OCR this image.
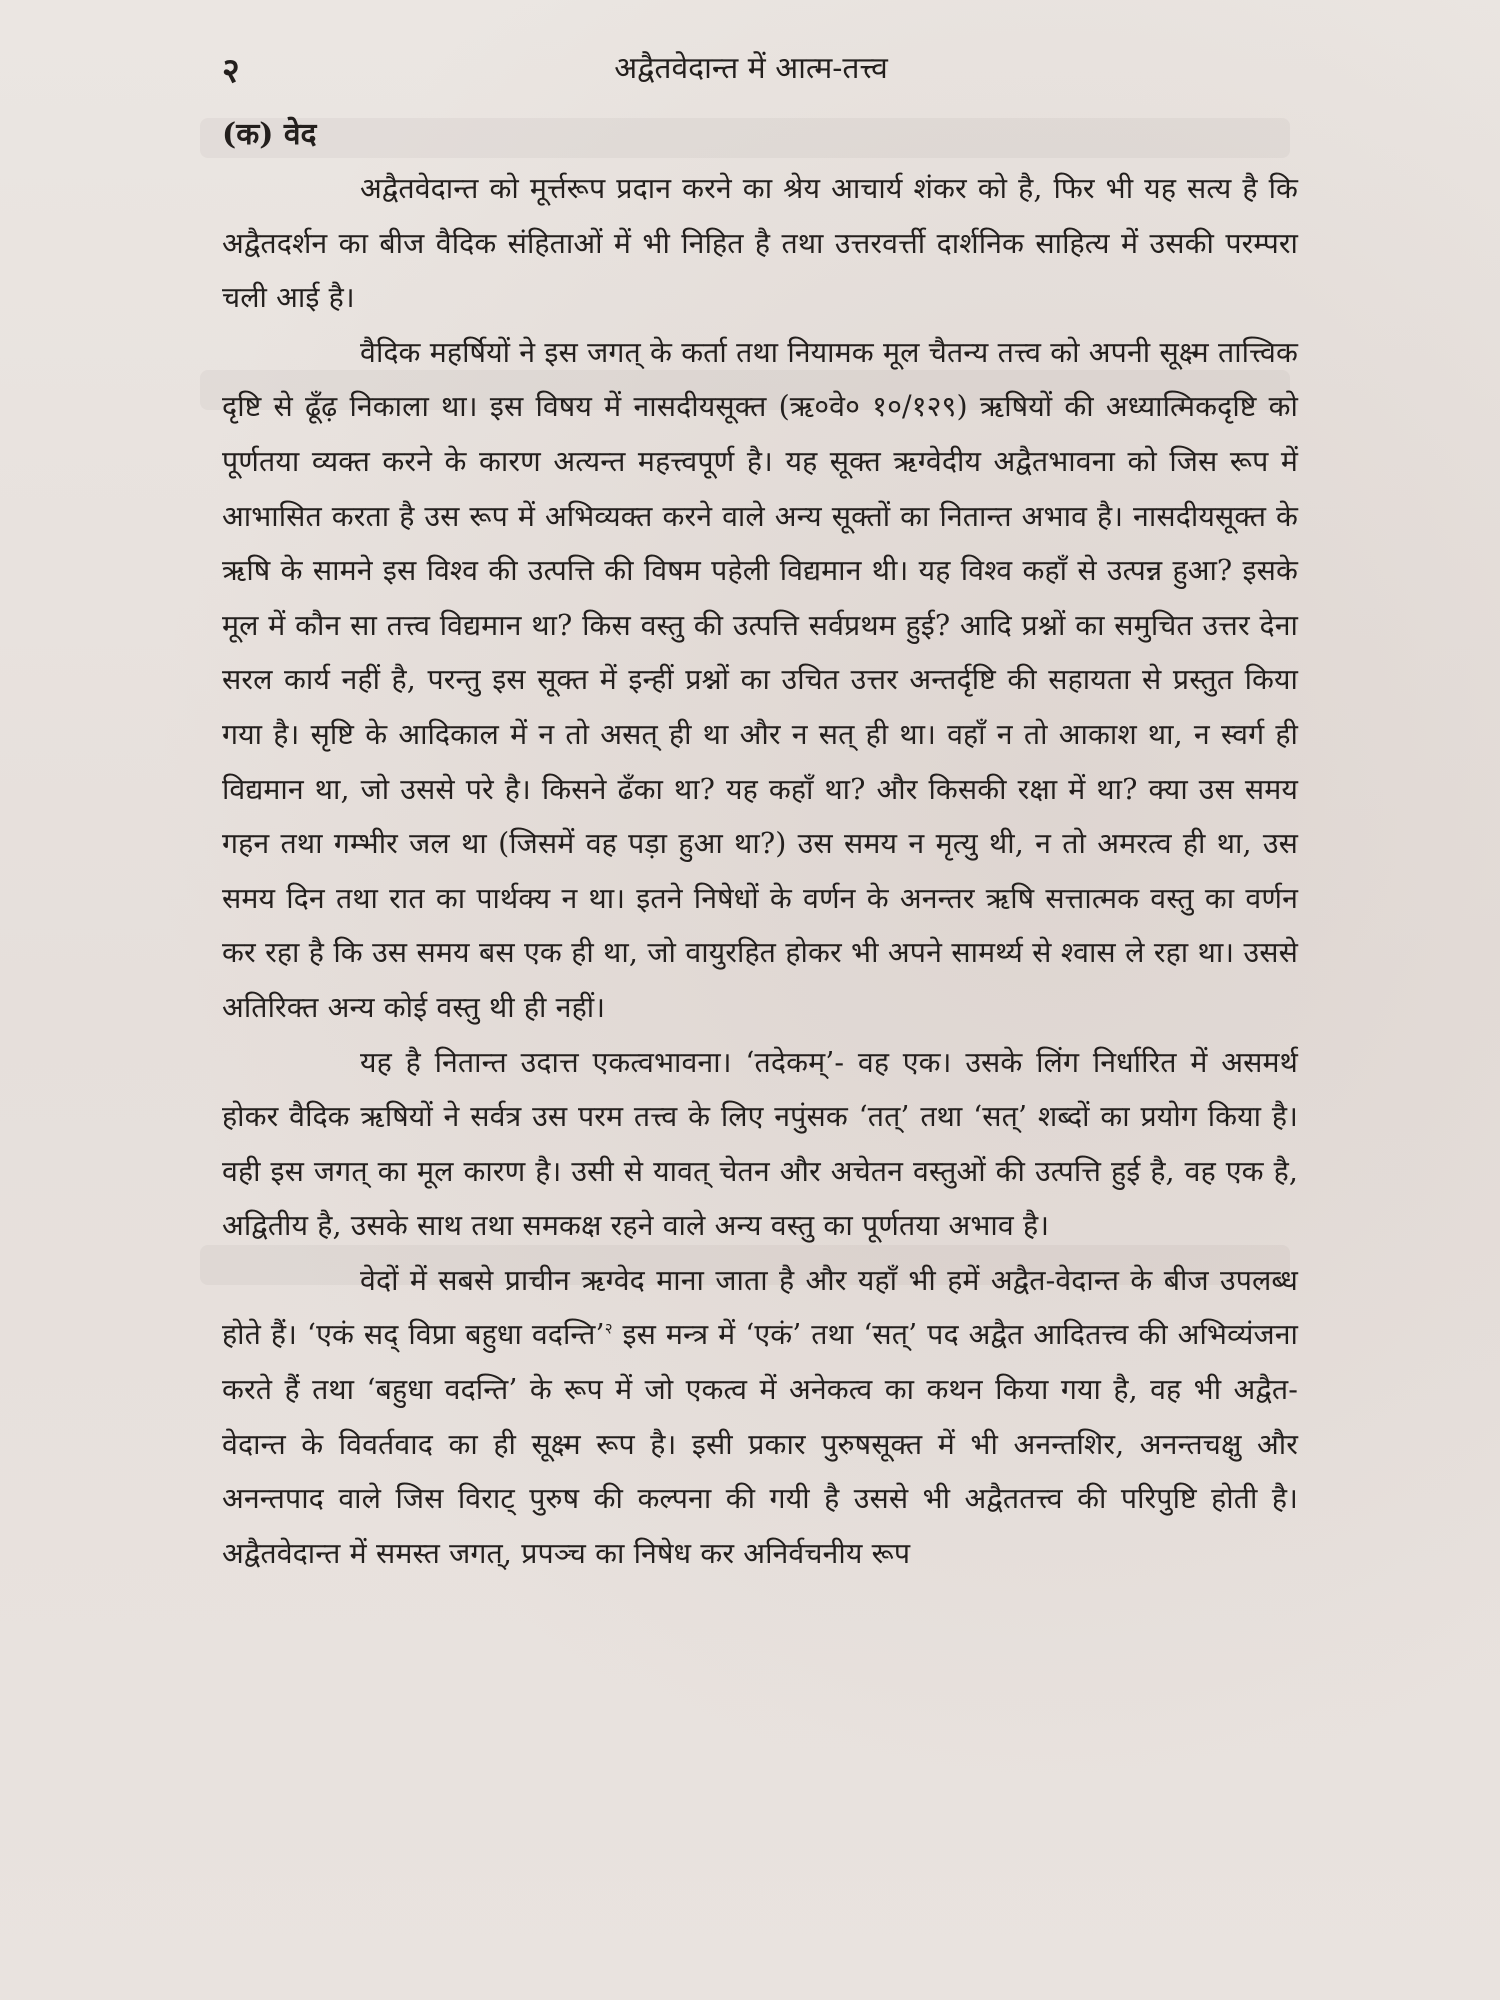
२	अद्वैतवेदान्त में आत्म-तत्त्व
(क) वेद

अद्वैतवेदान्त को मूर्त्तरूप प्रदान करने का श्रेय आचार्य शंकर को है, फिर भी यह सत्य है कि अद्वैतदर्शन का बीज वैदिक संहिताओं में भी निहित है तथा उत्तरवर्त्ती दार्शनिक साहित्य में उसकी परम्परा चली आई है।

वैदिक महर्षियों ने इस जगत् के कर्ता तथा नियामक मूल चैतन्य तत्त्व को अपनी सूक्ष्म तात्त्विक दृष्टि से ढूँढ़ निकाला था। इस विषय में नासदीयसूक्त (ऋ०वे० १०/१२९) ऋषियों की अध्यात्मिकदृष्टि को पूर्णतया व्यक्त करने के कारण अत्यन्त महत्त्वपूर्ण है। यह सूक्त ऋग्वेदीय अद्वैतभावना को जिस रूप में आभासित करता है उस रूप में अभिव्यक्त करने वाले अन्य सूक्तों का नितान्त अभाव है। नासदीयसूक्त के ऋषि के सामने इस विश्व की उत्पत्ति की विषम पहेली विद्यमान थी। यह विश्व कहाँ से उत्पन्न हुआ? इसके मूल में कौन सा तत्त्व विद्यमान था? किस वस्तु की उत्पत्ति सर्वप्रथम हुई? आदि प्रश्नों का समुचित उत्तर देना सरल कार्य नहीं है, परन्तु इस सूक्त में इन्हीं प्रश्नों का उचित उत्तर अन्तर्दृष्टि की सहायता से प्रस्तुत किया गया है। सृष्टि के आदिकाल में न तो असत् ही था और न सत् ही था। वहाँ न तो आकाश था, न स्वर्ग ही विद्यमान था, जो उससे परे है। किसने ढँका था? यह कहाँ था? और किसकी रक्षा में था? क्या उस समय गहन तथा गम्भीर जल था (जिसमें वह पड़ा हुआ था?) उस समय न मृत्यु थी, न तो अमरत्व ही था, उस समय दिन तथा रात का पार्थक्य न था। इतने निषेधों के वर्णन के अनन्तर ऋषि सत्तात्मक वस्तु का वर्णन कर रहा है कि उस समय बस एक ही था, जो वायुरहित होकर भी अपने सामर्थ्य से श्वास ले रहा था। उससे अतिरिक्त अन्य कोई वस्तु थी ही नहीं।

यह है नितान्त उदात्त एकत्वभावना। ‘तदेकम्’- वह एक। उसके लिंग निर्धारित में असमर्थ होकर वैदिक ऋषियों ने सर्वत्र उस परम तत्त्व के लिए नपुंसक ‘तत्’ तथा ‘सत्’ शब्दों का प्रयोग किया है। वही इस जगत् का मूल कारण है। उसी से यावत् चेतन और अचेतन वस्तुओं की उत्पत्ति हुई है, वह एक है, अद्वितीय है, उसके साथ तथा समकक्ष रहने वाले अन्य वस्तु का पूर्णतया अभाव है।

वेदों में सबसे प्राचीन ऋग्वेद माना जाता है और यहाँ भी हमें अद्वैत-वेदान्त के बीज उपलब्ध होते हैं। ‘एकं सद् विप्रा बहुधा वदन्ति’$^२$ इस मन्त्र में ‘एकं’ तथा ‘सत्’ पद अद्वैत आदितत्त्व की अभिव्यंजना करते हैं तथा ‘बहुधा वदन्ति’ के रूप में जो एकत्व में अनेकत्व का कथन किया गया है, वह भी अद्वैत-वेदान्त के विवर्तवाद का ही सूक्ष्म रूप है। इसी प्रकार पुरुषसूक्त में भी अनन्तशिर, अनन्तचक्षु और अनन्तपाद वाले जिस विराट् पुरुष की कल्पना की गयी है उससे भी अद्वैततत्त्व की परिपुष्टि होती है। अद्वैतवेदान्त में समस्त जगत्, प्रपञ्च का निषेध कर अनिर्वचनीय रूप
